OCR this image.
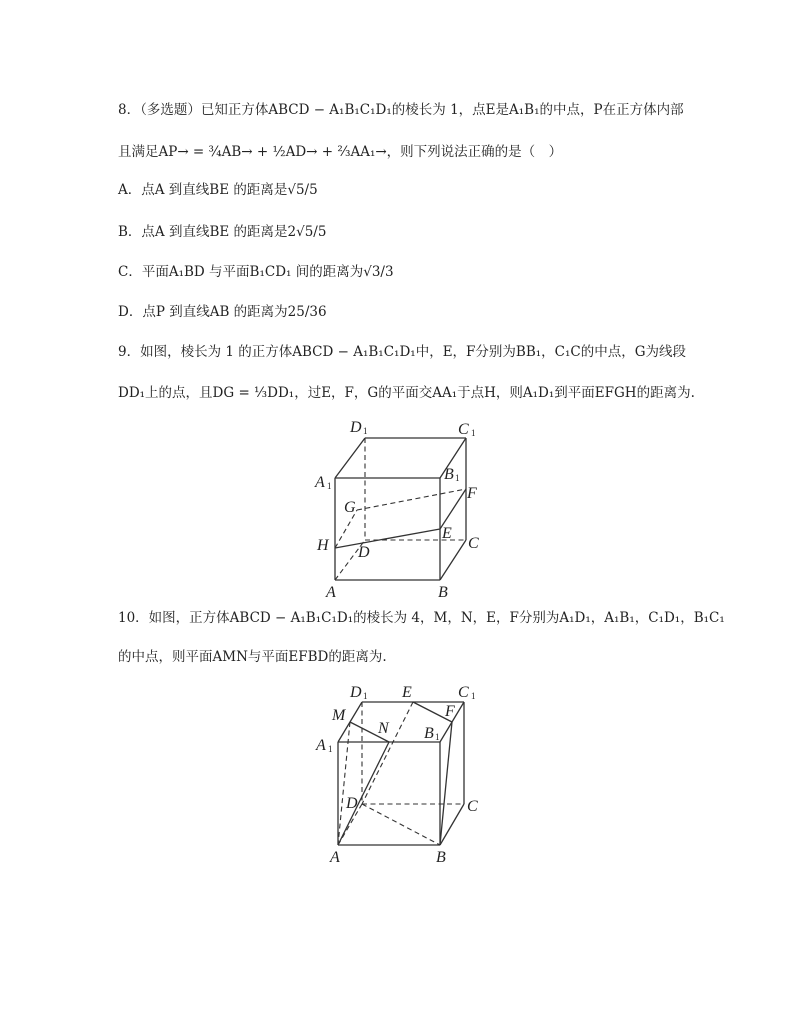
8．（多选题）已知正方体ABCD − A₁B₁C₁D₁的棱长为 1，点E是A₁B₁的中点，P在正方体内部
且满足AP→ = ¾AB→ + ½AD→ + ⅔AA₁→，则下列说法正确的是（　）
A．点A 到直线BE 的距离是√5/5
B．点A 到直线BE 的距离是2√5/5
C．平面A₁BD 与平面B₁CD₁ 间的距离为√3/3
D．点P 到直线AB 的距离为25/36
9．如图，棱长为 1 的正方体ABCD − A₁B₁C₁D₁中，E，F分别为BB₁，C₁C的中点，G为线段
DD₁上的点，且DG = ⅓DD₁，过E，F，G的平面交AA₁于点H，则A₁D₁到平面EFGH的距离为.
D 1	C 1
A 1
B 1
G
F
H D
E
C
A	B
10．如图，正方体ABCD − A₁B₁C₁D₁的棱长为 4，M，N，E，F分别为A₁D₁，A₁B₁，C₁D₁，B₁C₁
的中点，则平面AMN与平面EFBD的距离为.
D 1 E	C 1
M	F
N
A 1
B 1
D	C
A	B
